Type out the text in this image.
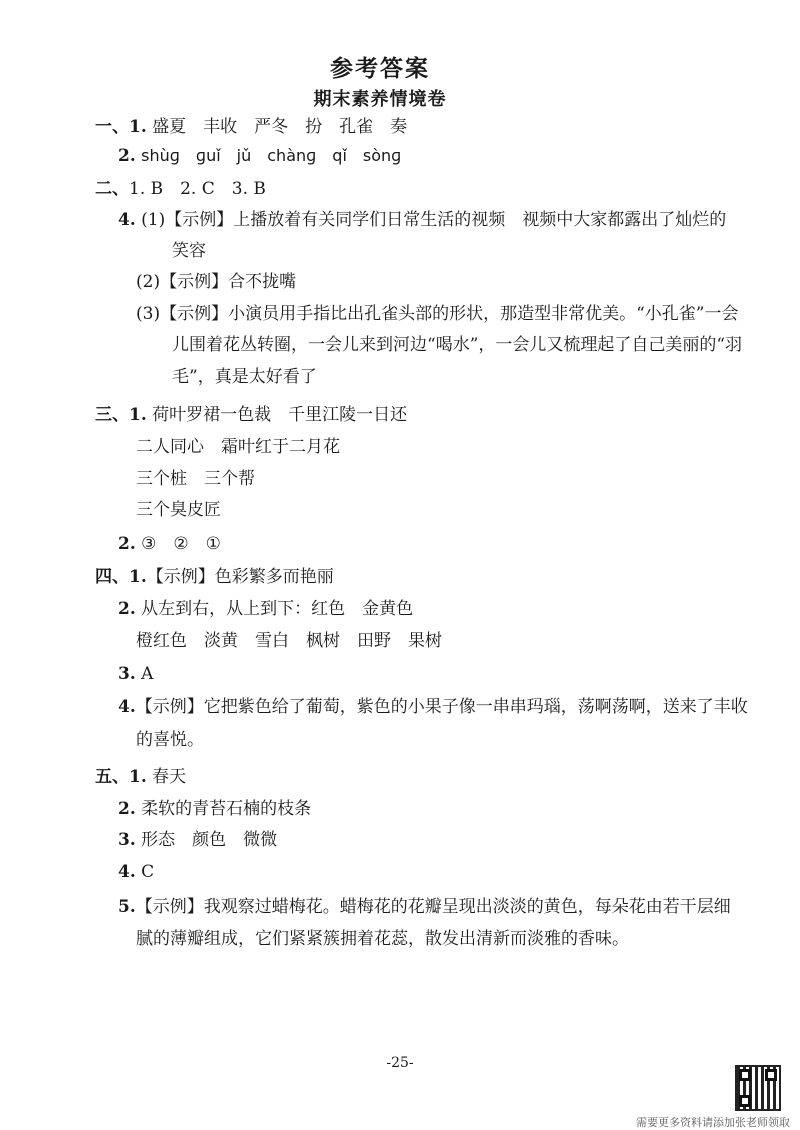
参考答案
期末素养情境卷
一、1. 盛夏　丰收　严冬　扮　孔雀　奏
2. shùɡ　ɡuǐ　jǔ　chànɡ　qǐ　sònɡ
二、1. B　2. C　3. B
4. (1)【示例】上播放着有关同学们日常生活的视频　视频中大家都露出了灿烂的
笑容
(2)【示例】合不拢嘴
(3)【示例】小演员用手指比出孔雀头部的形状，那造型非常优美。“小孔雀”一会
儿围着花丛转圈，一会儿来到河边“喝水”，一会儿又梳理起了自己美丽的“羽
毛”，真是太好看了
三、1. 荷叶罗裙一色裁　千里江陵一日还
二人同心　霜叶红于二月花
三个桩　三个帮
三个臭皮匠
2. ③　②　①
四、1.【示例】色彩繁多而艳丽
2. 从左到右，从上到下：红色　金黄色
橙红色　淡黄　雪白　枫树　田野　果树
3. A
4.【示例】它把紫色给了葡萄，紫色的小果子像一串串玛瑙，荡啊荡啊，送来了丰收
的喜悦。
五、1. 春天
2. 柔软的青苔石楠的枝条
3. 形态　颜色　微微
4. C
5.【示例】我观察过蜡梅花。蜡梅花的花瓣呈现出淡淡的黄色，每朵花由若干层细
腻的薄瓣组成，它们紧紧簇拥着花蕊，散发出清新而淡雅的香味。
-25-
需要更多资料请添加张老师领取
